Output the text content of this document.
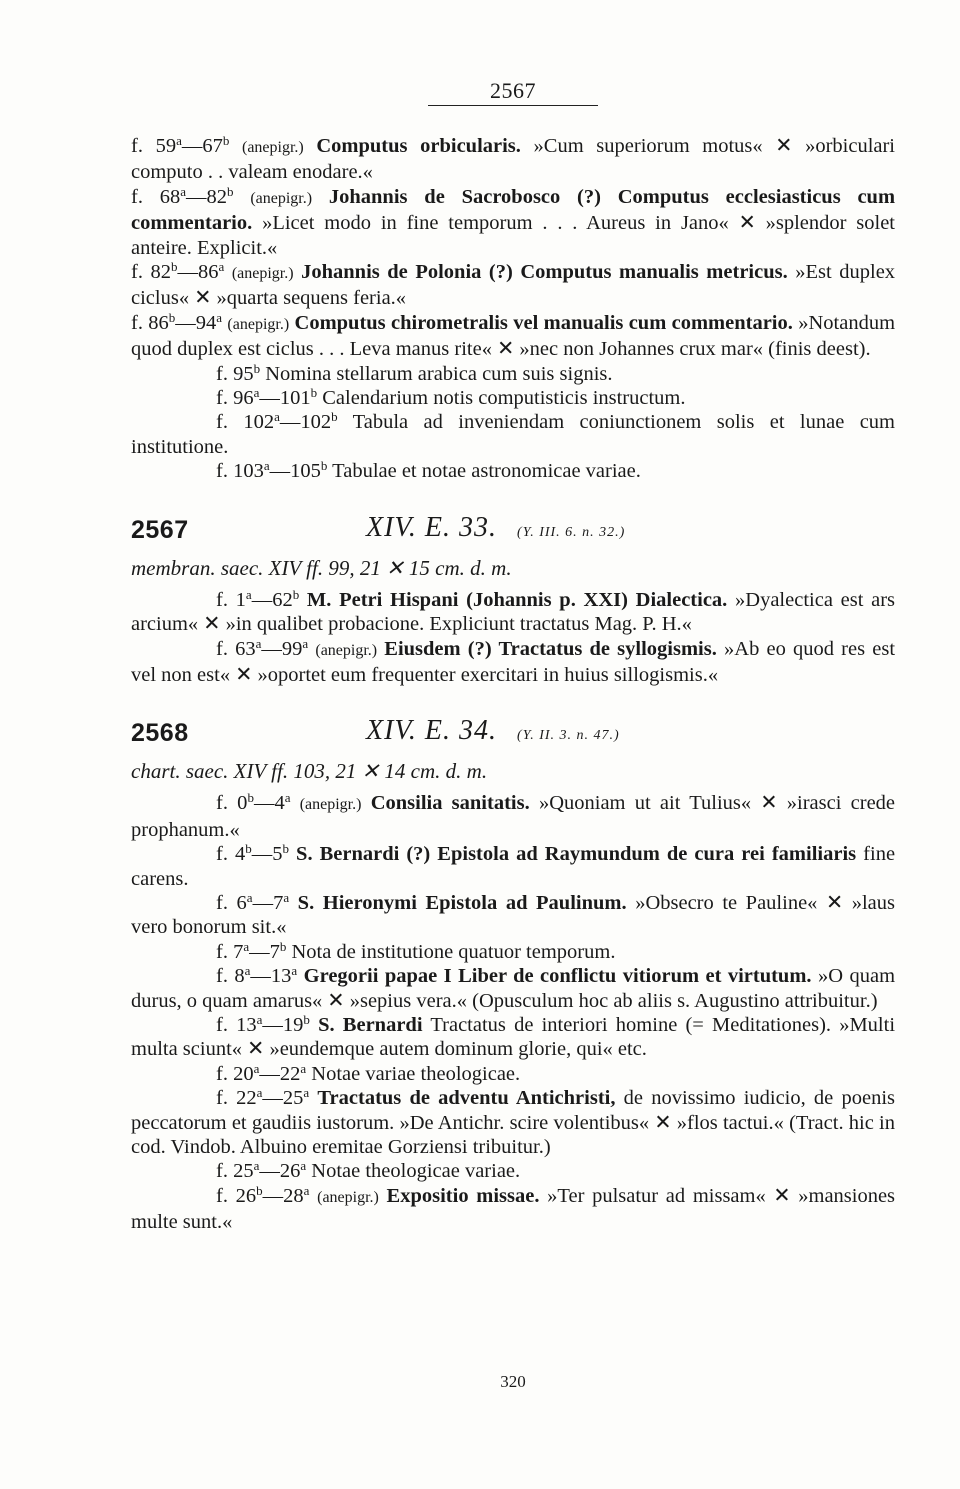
2567

f. 59$^a$—67$^b$ (anepigr.) Computus orbicularis. »Cum superiorum motus« ✕ »orbiculari computo . . valeam enodare.«

f. 68$^a$—82$^b$ (anepigr.) Johannis de Sacrobosco (?) Computus ecclesiasticus cum commentario. »Licet modo in fine temporum . . . Aureus in Jano« ✕ »splendor solet anteire. Explicit.«

f. 82$^b$—86$^a$ (anepigr.) Johannis de Polonia (?) Computus manualis metricus. »Est duplex ciclus« ✕ »quarta sequens feria.«

f. 86$^b$—94$^a$ (anepigr.) Computus chirometralis vel manualis cum commentario. »Notandum quod duplex est ciclus . . . Leva manus rite« ✕ »nec non Johannes crux mar« (finis deest).

f. 95$^b$ Nomina stellarum arabica cum suis signis.

f. 96$^a$—101$^b$ Calendarium notis computisticis instructum.

f. 102$^a$—102$^b$ Tabula ad inveniendam coniunctionem solis et lunae cum institutione.

f. 103$^a$—105$^b$ Tabulae et notae astronomicae variae.

2567	XIV. E. 33. (Y. III. 6. n. 32.)

membran. saec. XIV ff. 99, 21 ✕ 15 cm. d. m.

f. 1$^a$—62$^b$ M. Petri Hispani (Johannis p. XXI) Dialectica. »Dyalectica est ars arcium« ✕ »in qualibet probacione. Expliciunt tractatus Mag. P. H.«

f. 63$^a$—99$^a$ (anepigr.) Eiusdem (?) Tractatus de syllogismis. »Ab eo quod res est vel non est« ✕ »oportet eum frequenter exercitari in huius sillogismis.«

2568	XIV. E. 34. (Y. II. 3. n. 47.)

chart. saec. XIV ff. 103, 21 ✕ 14 cm. d. m.

f. 0$^b$—4$^a$ (anepigr.) Consilia sanitatis. »Quoniam ut ait Tulius« ✕ »irasci crede prophanum.«

f. 4$^b$—5$^b$ S. Bernardi (?) Epistola ad Raymundum de cura rei familiaris fine carens.

f. 6$^a$—7$^a$ S. Hieronymi Epistola ad Paulinum. »Obsecro te Pauline« ✕ »laus vero bonorum sit.«

f. 7$^a$—7$^b$ Nota de institutione quatuor temporum.

f. 8$^a$—13$^a$ Gregorii papae I Liber de conflictu vitiorum et virtutum. »O quam durus, o quam amarus« ✕ »sepius vera.« (Opusculum hoc ab aliis s. Augustino attribuitur.)

f. 13$^a$—19$^b$ S. Bernardi Tractatus de interiori homine (= Meditationes). »Multi multa sciunt« ✕ »eundemque autem dominum glorie, qui« etc.

f. 20$^a$—22$^a$ Notae variae theologicae.

f. 22$^a$—25$^a$ Tractatus de adventu Antichristi, de novissimo iudicio, de poenis peccatorum et gaudiis iustorum. »De Antichr. scire volentibus« ✕ »flos tactui.« (Tract. hic in cod. Vindob. Albuino eremitae Gorziensi tribuitur.)

f. 25$^a$—26$^a$ Notae theologicae variae.

f. 26$^b$—28$^a$ (anepigr.) Expositio missae. »Ter pulsatur ad missam« ✕ »mansiones multe sunt.«

320
